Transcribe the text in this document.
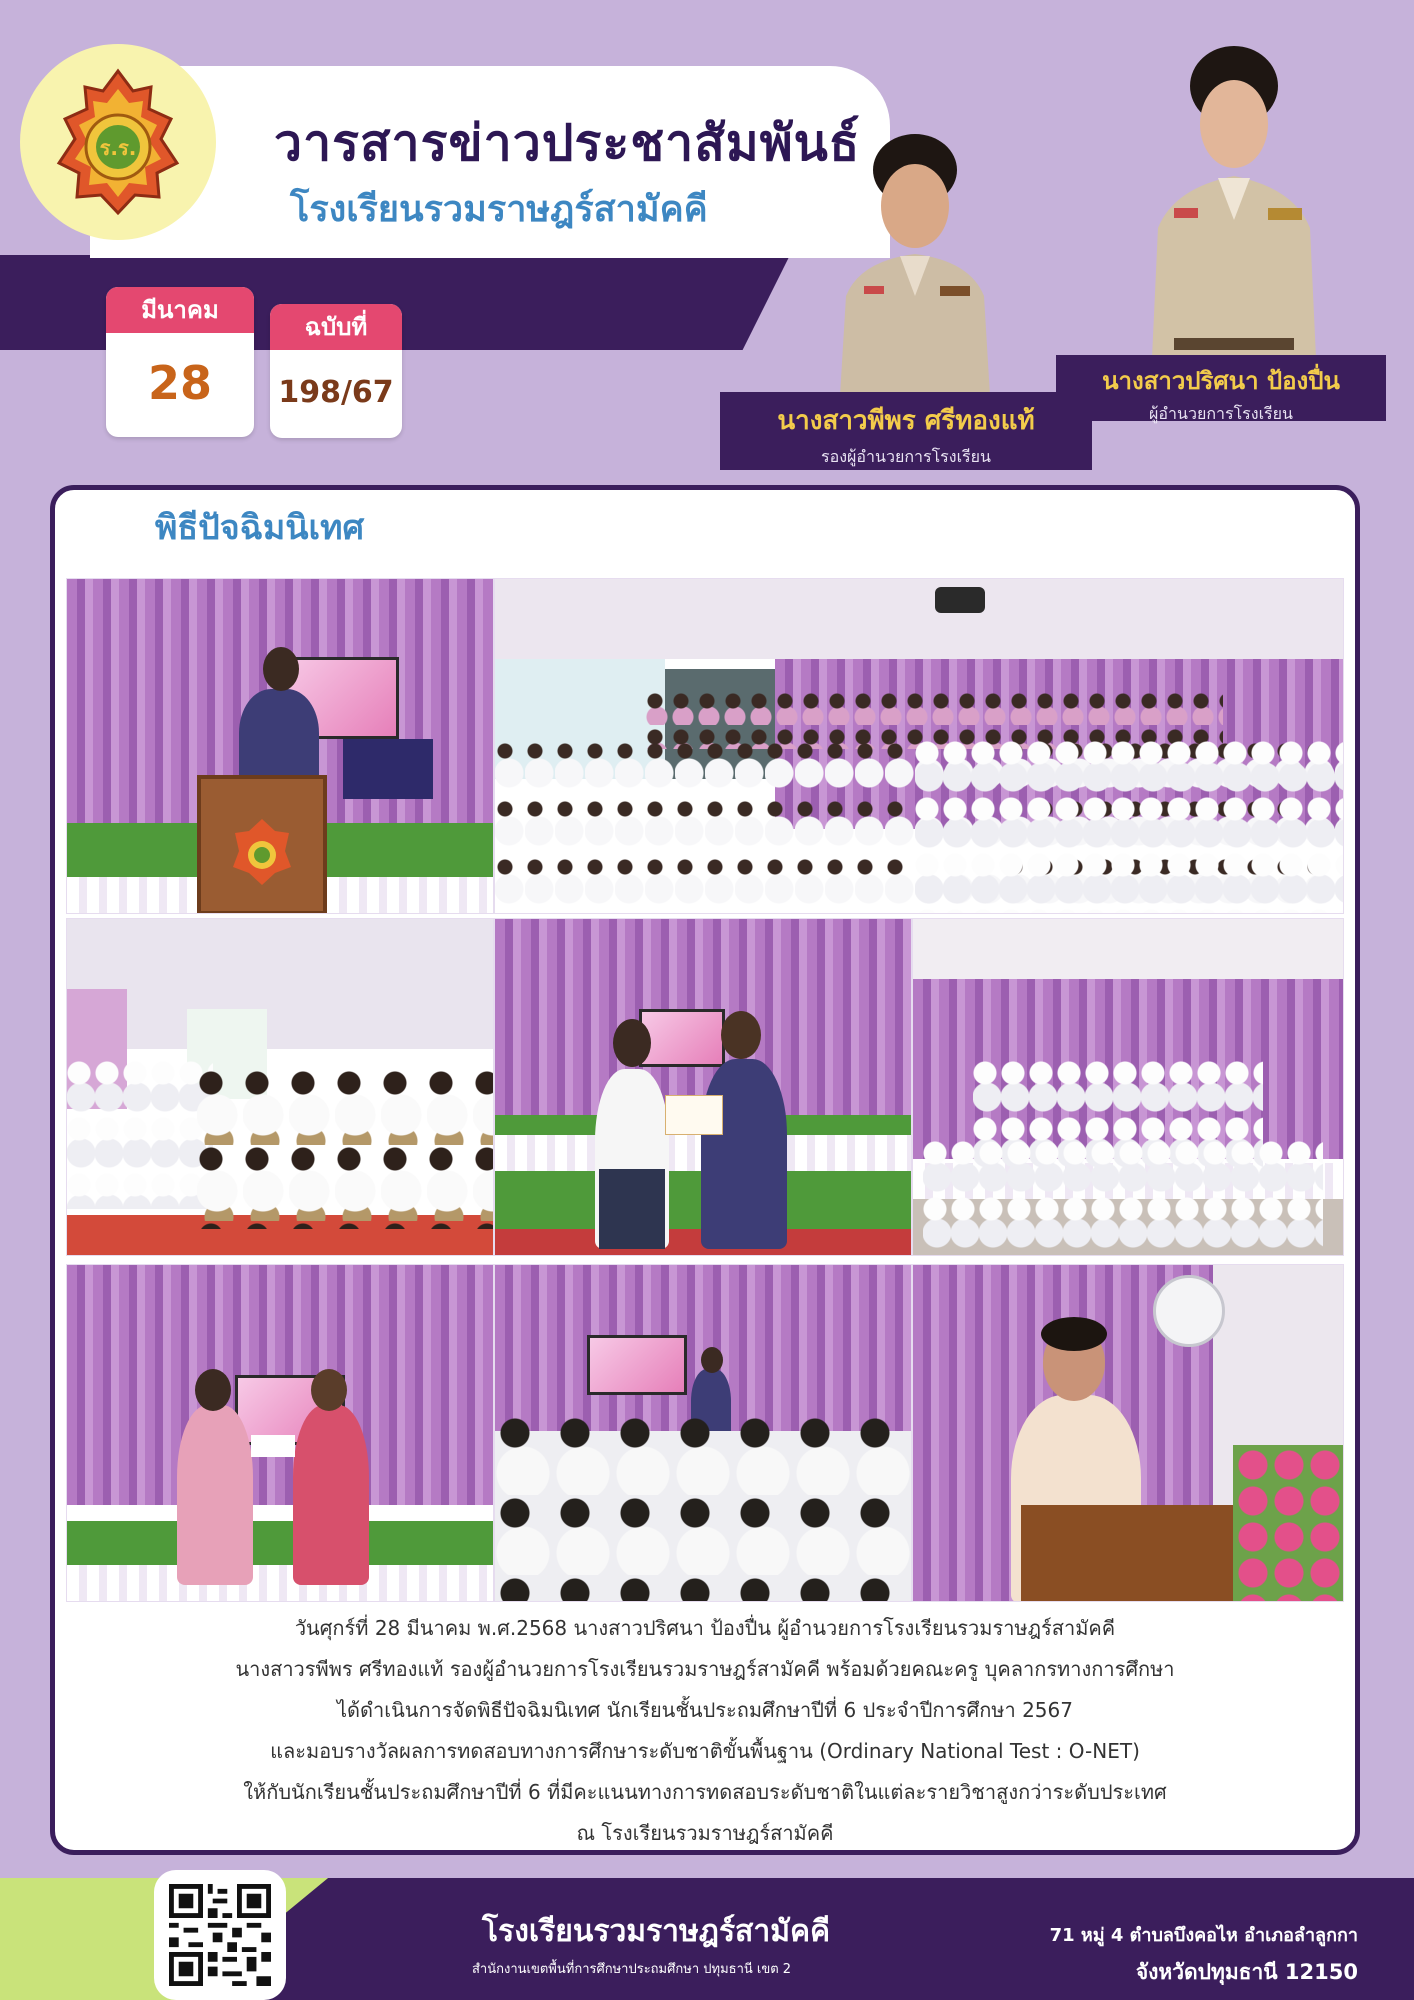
ร.ร.	วารสารข่าวประชาสัมพันธ์
โรงเรียนรวมราษฎร์สามัคคี
มีนาคม
28
ฉบับที่
198/67
นางสาวพีพร ศรีทองแท้
รองผู้อำนวยการโรงเรียน
นางสาวปริศนา ป้องปื่น
ผู้อำนวยการโรงเรียน
พิธีปัจฉิมนิเทศ
วันศุกร์ที่ 28 มีนาคม พ.ศ.2568 นางสาวปริศนา ป้องปื่น ผู้อำนวยการโรงเรียนรวมราษฎร์สามัคคี
นางสาวรพีพร ศรีทองแท้ รองผู้อำนวยการโรงเรียนรวมราษฎร์สามัคคี พร้อมด้วยคณะครู บุคลากรทางการศึกษา
ได้ดำเนินการจัดพิธีปัจฉิมนิเทศ นักเรียนชั้นประถมศึกษาปีที่ 6 ประจำปีการศึกษา 2567
และมอบรางวัลผลการทดสอบทางการศึกษาระดับชาติขั้นพื้นฐาน (Ordinary National Test : O-NET)
ให้กับนักเรียนชั้นประถมศึกษาปีที่ 6 ที่มีคะแนนทางการทดสอบระดับชาติในแต่ละรายวิชาสูงกว่าระดับประเทศ
ณ โรงเรียนรวมราษฎร์สามัคคี
โรงเรียนรวมราษฎร์สามัคคี
สำนักงานเขตพื้นที่การศึกษาประถมศึกษา ปทุมธานี เขต 2
71 หมู่ 4 ตำบลบึงคอไห อำเภอลำลูกกา
จังหวัดปทุมธานี 12150
